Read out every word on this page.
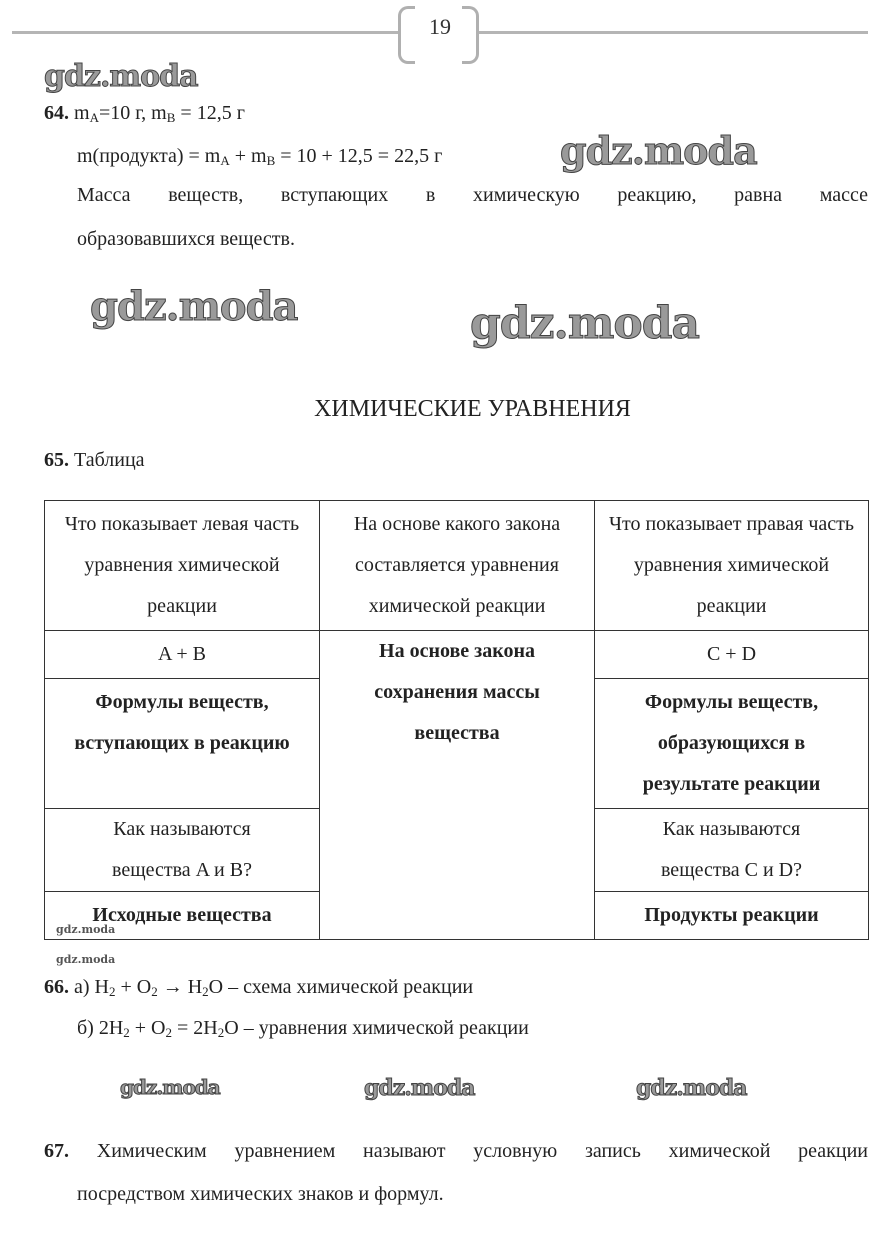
19
gdz.moda
gdz.moda
gdz.moda	gdz.moda
gdz.moda
gdz.moda
gdz.moda	gdz.moda	gdz.moda
64. $m_A=10$ г, $m_B = 12,5$ г
m(продукта) = $m_A + m_B = 10 + 12,5 = 22,5$ г
Масса веществ, вступающих в химическую реакцию, равна массе
образовавшихся веществ.
ХИМИЧЕСКИЕ УРАВНЕНИЯ
65. Таблица
Что показывает левая часть уравнения химической реакции	На основе какого закона составляется уравнения химической реакции	Что показывает правая часть уравнения химической реакции
A + B	На основе закона сохранения массы вещества	C + D
Формулы веществ, вступающих в реакцию		Формулы веществ, образующихся в результате реакции
Как называются вещества A и B?		Как называются вещества C и D?
Исходные вещества		Продукты реакции
66. а) $H_2 + O_2 \to H_2O$ – схема химической реакции
б) $2H_2 + O_2 = 2H_2O$ – уравнения химической реакции
67. Химическим уравнением называют условную запись химической реакции
посредством химических знаков и формул.
